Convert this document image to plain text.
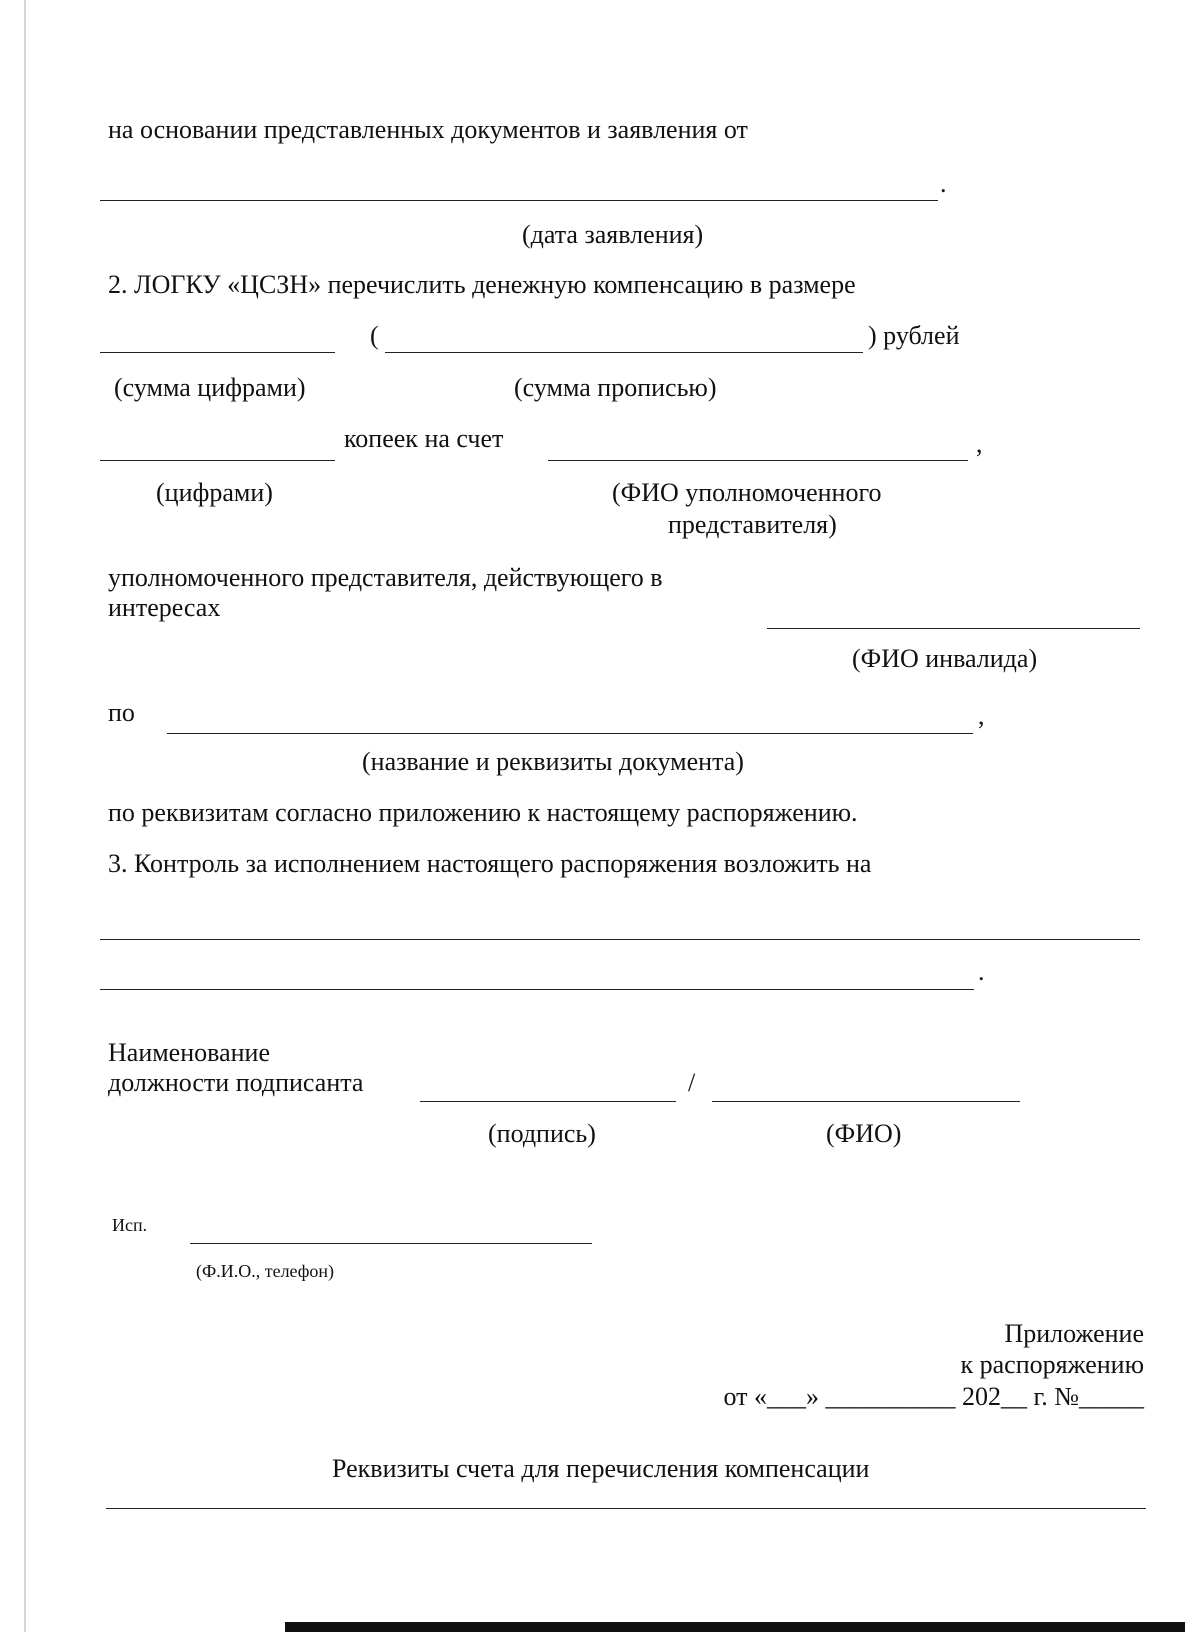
на основании представленных документов и заявления от
.
(дата заявления)
2. ЛОГКУ «ЦСЗН» перечислить денежную компенсацию в размере
(	) рублей
(сумма цифрами)	(сумма прописью)
копеек на счет	,
(цифрами)	(ФИО уполномоченного
представителя)
уполномоченного представителя, действующего в
интересах
(ФИО инвалида)
по	,
(название и реквизиты документа)
по реквизитам согласно приложению к настоящему распоряжению.
3. Контроль за исполнением настоящего распоряжения возложить на
.
Наименование
должности подписанта	/
(подпись)	(ФИО)
Исп.
(Ф.И.О., телефон)
Приложение
к распоряжению
от «___» __________ 202__ г. №_____
Реквизиты счета для перечисления компенсации
